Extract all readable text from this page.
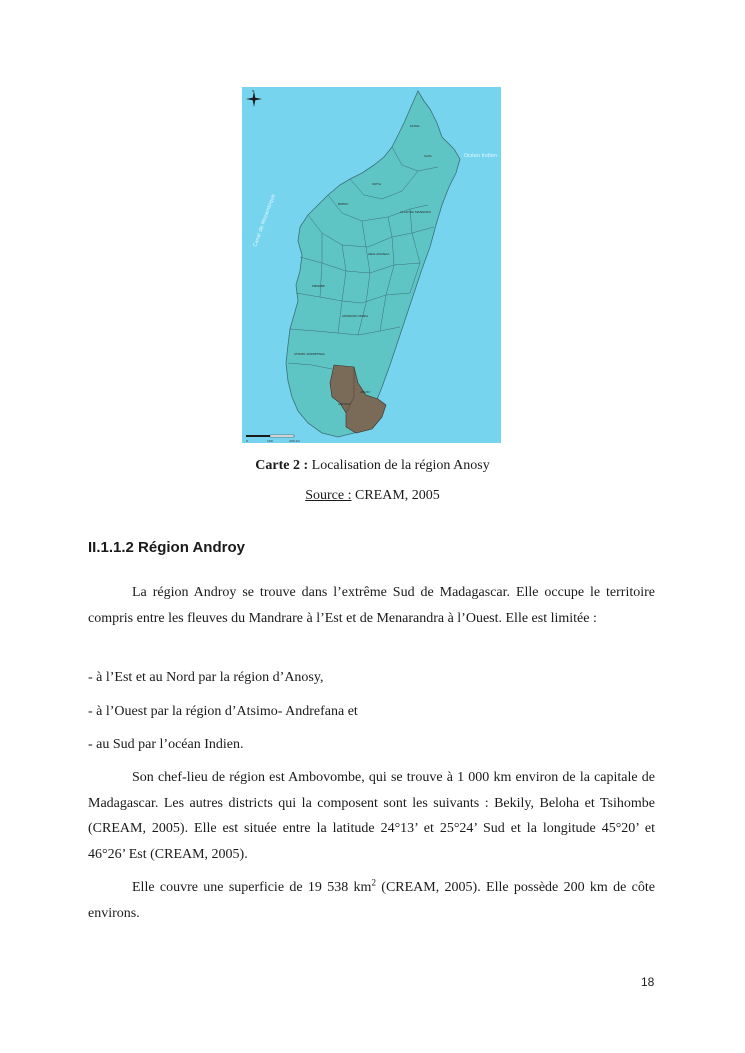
N
Océan Indien
Canal de Mozambique
DIANA
SAVA
SOFIA
BOENY
ALAOTRA MANGORO
ANALAMANGA
MENABE
AMORON'I MANIA
ATSIMO ANDREFANA
ANOSY
ANDROY
0	100	200 km
Carte 2 : Localisation de la région Anosy
Source : CREAM, 2005
II.1.1.2 Région Androy
La région Androy se trouve dans l’extrême Sud de Madagascar. Elle occupe le territoire compris entre les fleuves du Mandrare à l’Est et de Menarandra à l’Ouest. Elle est limitée :
- à l’Est et au Nord par la région d’Anosy,
- à l’Ouest par la région d’Atsimo- Andrefana et
- au Sud par l’océan Indien.
Son chef-lieu de région est Ambovombe, qui se trouve à 1 000 km environ de la capitale de Madagascar. Les autres districts qui la composent sont les suivants : Bekily, Beloha et Tsihombe (CREAM, 2005). Elle est située entre la latitude 24°13’ et 25°24’ Sud et la longitude 45°20’ et 46°26’ Est (CREAM, 2005).
Elle couvre une superficie de 19 538 $km^2$ (CREAM, 2005). Elle possède 200 km de côte environs.
18
